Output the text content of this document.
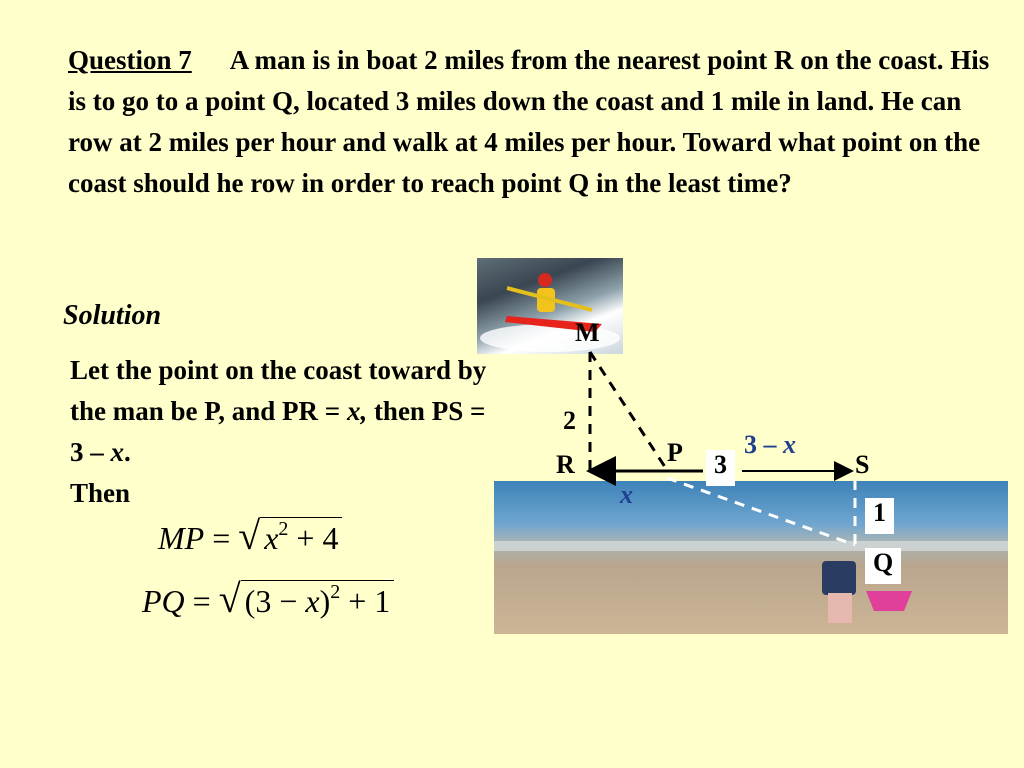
Question 7 A man is in boat 2 miles from the nearest point R on the coast. His is to go to a point Q, located 3 miles down the coast and 1 mile in land. He can row at 2 miles per hour and walk at 4 miles per hour. Toward what point on the coast should he row in order to reach point Q in the least time?
Solution
Let the point on the coast toward by the man be P, and PR = x, then PS = 3 – x.
Then
MP = √ $x^2 + 4$
PQ = √ $(3 - x)^2 + 1$
M
2
R	P	3
3 – x
S
x
1
Q
